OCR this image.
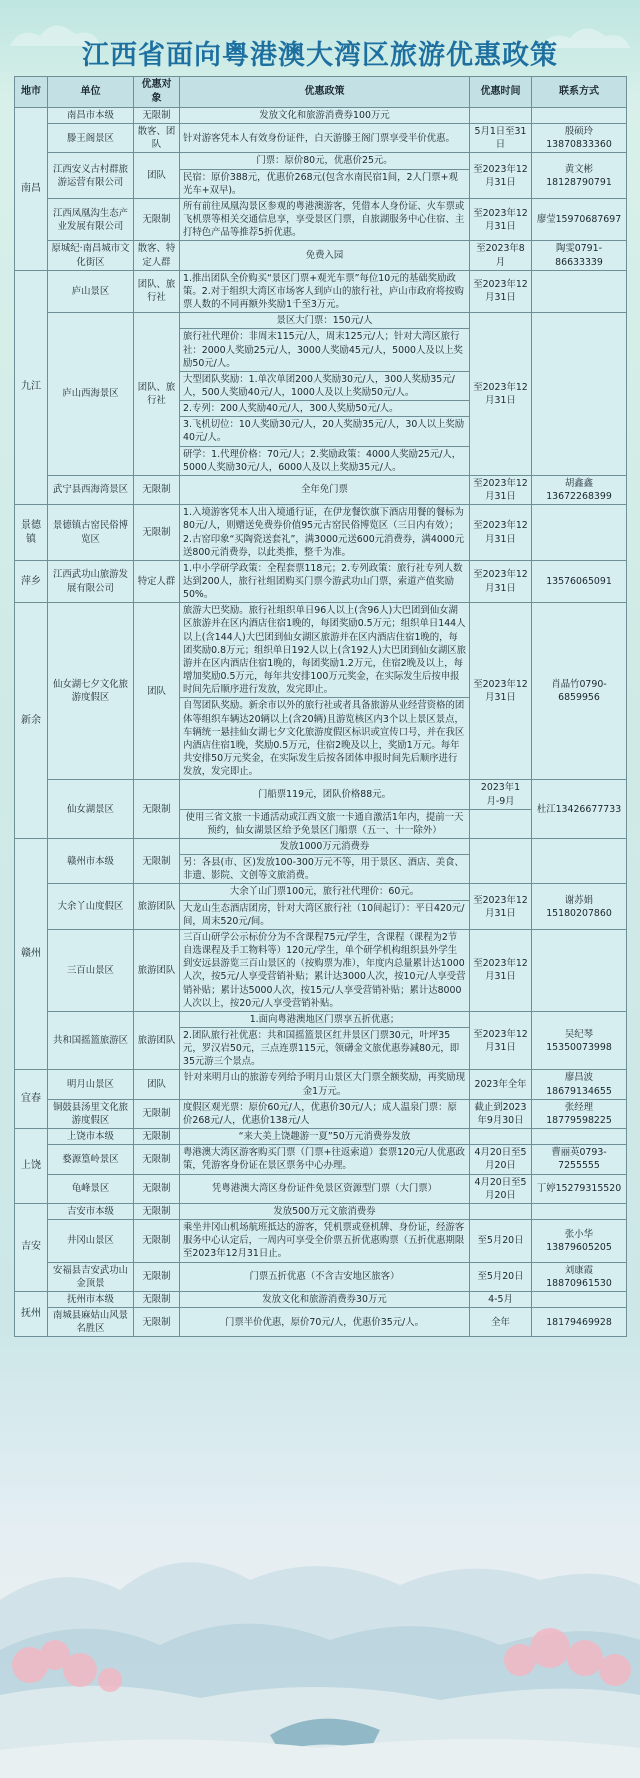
江西省面向粤港澳大湾区旅游优惠政策
地市	单位	优惠对象	优惠政策	优惠时间	联系方式
南昌	南昌市本级	无限制	发放文化和旅游消费券100万元		
	滕王阁景区	散客、团队	针对游客凭本人有效身份证件，白天游滕王阁门票享受半价优惠。	5月1日至31日	殷硕玲13870833360
	江西安义古村群旅游运营有限公司	团队	门票：原价80元，优惠价25元。	至2023年12月31日	黄文彬18128790791
			民宿：原价388元，优惠价268元(包含水南民宿1间，2人门票+观光车+双早)。		
	江西凤凰沟生态产业发展有限公司	无限制	所有前往凤凰沟景区参观的粤港澳游客，凭借本人身份证、火车票或飞机票等相关交通信息享，享受景区门票，自旅湖服务中心住宿、主打特色产品等推荐5折优惠。	至2023年12月31日	廖莹15970687697
	原城纪·南昌城市文化街区	散客、特定人群	免费入园	至2023年8月	陶雯0791-86633339
九江	庐山景区	团队、旅行社	1.推出团队全价购买“景区门票+观光车票”每位10元的基础奖励政策。2.对于组织大湾区市场客人到庐山的旅行社，庐山市政府将按购票人数的不同再额外奖励1千至3万元。	至2023年12月31日	
	庐山西海景区	团队、旅行社	景区大门票：150元/人	至2023年12月31日	
			旅行社代理价：非周末115元/人，周末125元/人；针对大湾区旅行社：2000人奖励25元/人，3000人奖励45元/人，5000人及以上奖励50元/人。		
			大型团队奖励：1.单次单团200人奖励30元/人，300人奖励35元/人，500人奖励40元/人，1000人及以上奖励50元/人。		
			2.专列：200人奖励40元/人，300人奖励50元/人。		
			3.飞机切位：10人奖励30元/人，20人奖励35元/人，30人以上奖励40元/人。		
			研学：1.代理价格：70元/人；2.奖励政策：4000人奖励25元/人，5000人奖励30元/人，6000人及以上奖励35元/人。		
	武宁县西海湾景区	无限制	全年免门票	至2023年12月31日	胡鑫鑫13672268399
景德镇	景德镇古窑民俗博览区	无限制	1.入境游客凭本人出入境通行证，在伊龙餐饮旗下酒店用餐的餐标为80元/人，则赠送免费券价值95元古窑民俗博览区（三日内有效）；2.古窑印象“买陶瓷送套礼”，满3000元送600元消费券，满4000元送800元消费券，以此类推，整千为准。	至2023年12月31日	
萍乡	江西武功山旅游发展有限公司	特定人群	1.中小学研学政策：全程套票118元；2.专列政策：旅行社专列人数达到200人，旅行社组团购买门票今游武功山门票，索道产值奖励50%。	至2023年12月31日	13576065091
新余	仙女湖七夕文化旅游度假区	团队	旅游大巴奖励。旅行社组织单日96人以上(含96人)大巴团到仙女湖区旅游并在区内酒店住宿1晚的，每团奖励0.5万元；组织单日144人以上(含144人)大巴团到仙女湖区旅游并在区内酒店住宿1晚的，每团奖励0.8万元；组织单日192人以上(含192人)大巴团到仙女湖区旅游并在区内酒店住宿1晚的，每团奖励1.2万元，住宿2晚及以上，每增加奖励0.5万元，每年共安排100万元奖金，在实际发生后按申报时间先后顺序进行发放，发完即止。	至2023年12月31日	肖晶竹0790-6859956
			自驾团队奖励。新余市以外的旅行社或者具备旅游从业经营资格的团体等组织车辆达20辆以上(含20辆)且游览核区内3个以上景区景点，车辆统一悬挂仙女湖七夕文化旅游度假区标识或宣传口号，并在我区内酒店住宿1晚，奖励0.5万元，住宿2晚及以上，奖励1万元。每年共安排50万元奖金，在实际发生后按各团体申报时间先后顺序进行发放，发完即止。		
	仙女湖景区	无限制	门船票119元，团队价格88元。	2023年1月-9月	杜江13426677733
			使用三省文旅一卡通活动或江西文旅一卡通自激活1年内，提前一天预约，仙女湖景区给予免景区门船票（五一、十一除外）		
赣州	赣州市本级	无限制	发放1000万元消费券		
			另：各县(市、区)发放100-300万元不等，用于景区、酒店、美食、非遗、影院、文创等文旅消费。		
	大余丫山度假区	旅游团队	大余丫山门票100元，旅行社代理价：60元。	至2023年12月31日	谢苏娟15180207860
			大龙山生态酒店团房，针对大湾区旅行社（10间起订）：平日420元/间，周末520元/间。		
	三百山景区	旅游团队	三百山研学公示标价分为不含课程75元/学生，含课程（课程为2节自选课程及手工物料等）120元/学生，单个研学机构组织县外学生到安远县游览三百山景区的（按购票为准），年度内总量累计达1000人次，按5元/人享受营销补贴；累计达3000人次，按10元/人享受营销补贴；累计达5000人次，按15元/人享受营销补贴；累计达8000人次以上，按20元/人享受营销补贴。	至2023年12月31日	
	共和国摇篮旅游区	旅游团队	1.面向粤港澳地区门票享五折优惠；	至2023年12月31日	吴纪琴15350073998
			2.团队旅行社优惠：共和国摇篮景区红井景区门票30元，叶坪35元，罗汉岩50元，三点连票115元，领礴金文旅优惠券减80元，即35元游三个景点。		
宜春	明月山景区	团队	针对来明月山的旅游专列给予明月山景区大门票全额奖励，再奖励现金1万元。	2023年全年	廖昌波18679134655
	铜鼓县汤里文化旅游度假区	无限制	度假区观光票：原价60元/人，优惠价30元/人；成人温泉门票：原价268元/人，优惠价138元/人	截止到2023年9月30日	张经理18779598225
上饶	上饶市本级	无限制	“来大美上饶趣游一夏”50万元消费券发放		
	婺源篁岭景区	无限制	粤港澳大湾区游客购买门票（门票+往返索道）套票120元/人优惠政策，凭游客身份证在景区票务中心办理。	4月20日至5月20日	曹丽英0793-7255555
	龟峰景区	无限制	凭粤港澳大湾区身份证件免景区资源型门票（大门票）	4月20日至5月20日	丁婷15279315520
吉安	吉安市本级	无限制	发放500万元文旅消费券		
	井冈山景区	无限制	乘坐井冈山机场航班抵达的游客，凭机票或登机牌、身份证，经游客服务中心认定后，一周内可享受全价票五折优惠购票（五折优惠期限至2023年12月31日止。	至5月20日	张小华13879605205
	安福县吉安武功山金顶景	无限制	门票五折优惠（不含吉安地区旅客）	至5月20日	刘康霞18870961530
抚州	抚州市本级	无限制	发放文化和旅游消费券30万元	4-5月	
	南城县麻姑山风景名胜区	无限制	门票半价优惠，原价70元/人，优惠价35元/人。	全年	18179469928
